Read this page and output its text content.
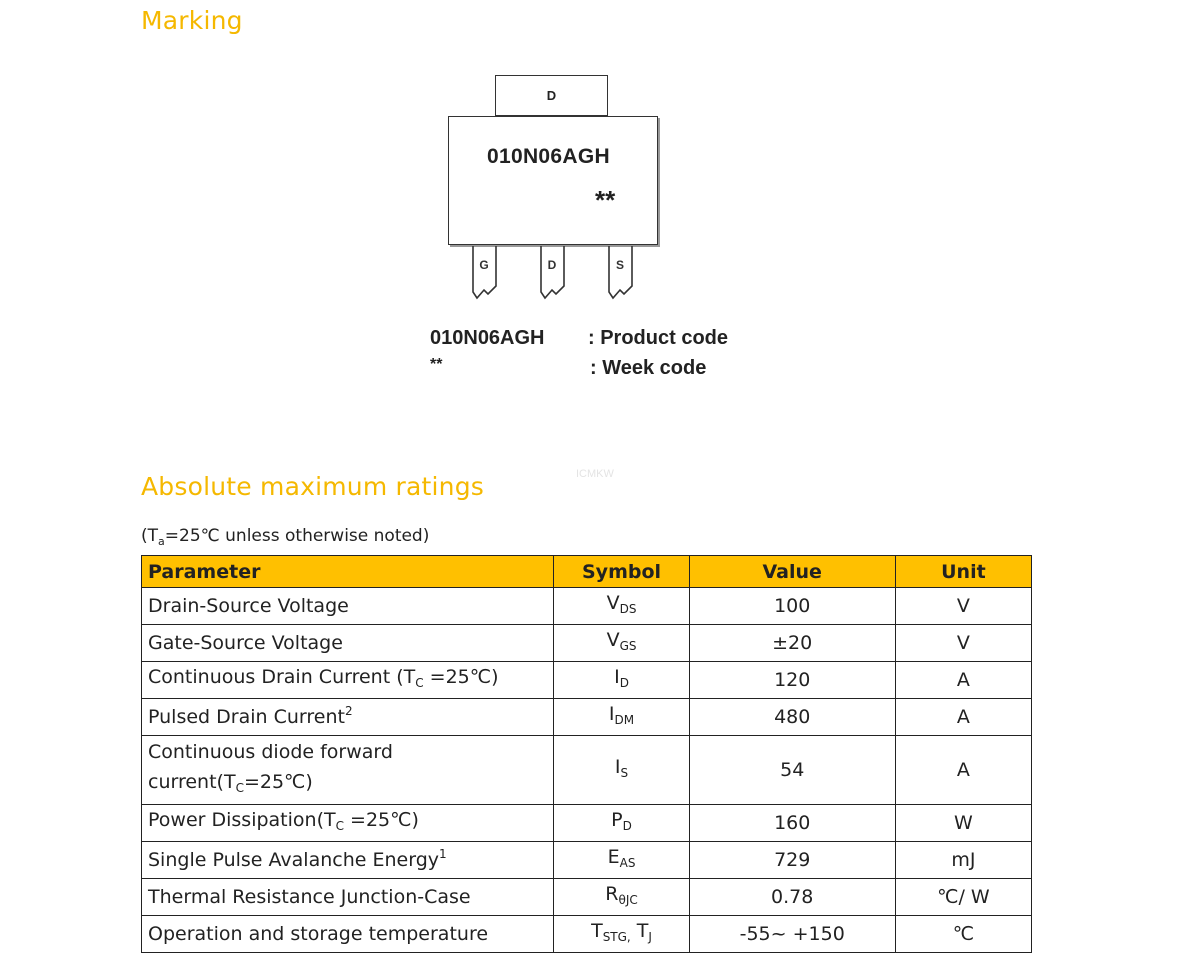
Marking
D
010N06AGH
**
G	D	S
010N06AGH : Product code
**	: Week code
ICMKW
Absolute maximum ratings
($T_a=25℃$ unless otherwise noted)
Parameter	Symbol	Value	Unit
Drain-Source Voltage	$V_{DS}$	100	V
Gate-Source Voltage	$V_{GS}$	±20	V
Continuous Drain Current ($T_C$ =25℃)	$I_D$	120	A
Pulsed Drain Current$^2$	$I_{DM}$	480	A
Continuous diode forward
$current(T_C=25℃)$	$I_S$	54	A
Power $Dissipation(T_C$ =25℃)	$P_D$	160	W
Single Pulse Avalanche Energy$^1$	$E_{AS}$	729	mJ
Thermal Resistance Junction-Case	$R_{\theta JC}$	0.78	℃/ W
Operation and storage temperature	$T_{STG,}$ $T_J$	-55~ +150	℃
